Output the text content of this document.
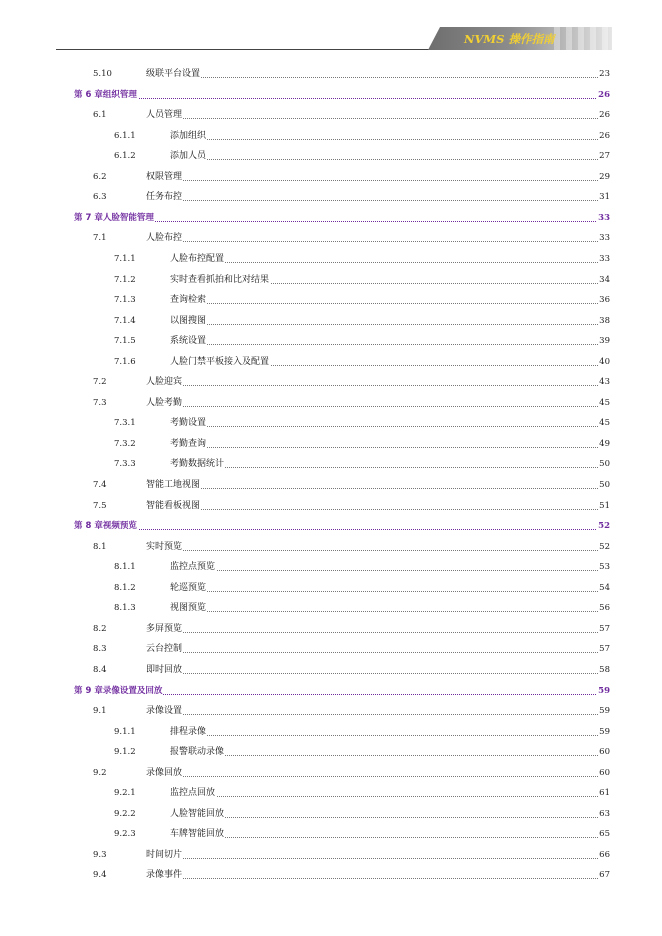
NVMS 操作指南
5.10	级联平台设置	23
第 6 章组织管理	26
6.1	人员管理	26
6.1.1	添加组织	26
6.1.2	添加人员	27
6.2	权限管理	29
6.3	任务布控	31
第 7 章人脸智能管理	33
7.1	人脸布控	33
7.1.1	人脸布控配置	33
7.1.2	实时查看抓拍和比对结果	34
7.1.3	查询检索	36
7.1.4	以图搜图	38
7.1.5	系统设置	39
7.1.6	人脸门禁平板接入及配置	40
7.2	人脸迎宾	43
7.3	人脸考勤	45
7.3.1	考勤设置	45
7.3.2	考勤查询	49
7.3.3	考勤数据统计	50
7.4	智能工地视图	50
7.5	智能看板视图	51
第 8 章视频预览	52
8.1	实时预览	52
8.1.1	监控点预览	53
8.1.2	轮巡预览	54
8.1.3	视图预览	56
8.2	多屏预览	57
8.3	云台控制	57
8.4	即时回放	58
第 9 章录像设置及回放	59
9.1	录像设置	59
9.1.1	排程录像	59
9.1.2	报警联动录像	60
9.2	录像回放	60
9.2.1	监控点回放	61
9.2.2	人脸智能回放	63
9.2.3	车牌智能回放	65
9.3	时间切片	66
9.4	录像事件	67
